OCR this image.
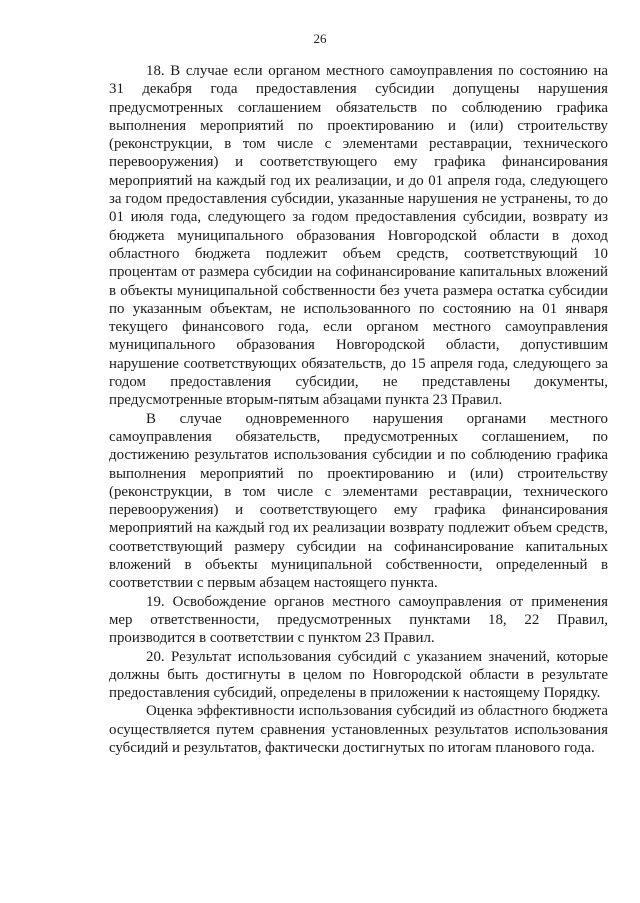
26

18. В случае если органом местного самоуправления по состоянию на 31 декабря года предоставления субсидии допущены нарушения предусмотренных соглашением обязательств по соблюдению графика выполнения мероприятий по проектированию и (или) строительству (реконструкции, в том числе с элементами реставрации, технического перевооружения) и соответствующего ему графика финансирования мероприятий на каждый год их реализации, и до 01 апреля года, следующего за годом предоставления субсидии, указанные нарушения не устранены, то до 01 июля года, следующего за годом предоставления субсидии, возврату из бюджета муниципального образования Новгородской области в доход областного бюджета подлежит объем средств, соответствующий 10 процентам от размера субсидии на софинансирование капитальных вложений в объекты муниципальной собственности без учета размера остатка субсидии по указанным объектам, не использованного по состоянию на 01 января текущего финансового года, если органом местного самоуправления муниципального образования Новгородской области, допустившим нарушение соответствующих обязательств, до 15 апреля года, следующего за годом предоставления субсидии, не представлены документы, предусмотренные вторым-пятым абзацами пункта 23 Правил.

В случае одновременного нарушения органами местного самоуправления обязательств, предусмотренных соглашением, по достижению результатов использования субсидии и по соблюдению графика выполнения мероприятий по проектированию и (или) строительству (реконструкции, в том числе с элементами реставрации, технического перевооружения) и соответствующего ему графика финансирования мероприятий на каждый год их реализации возврату подлежит объем средств, соответствующий размеру субсидии на софинансирование капитальных вложений в объекты муниципальной собственности, определенный в соответствии с первым абзацем настоящего пункта.

19. Освобождение органов местного самоуправления от применения мер ответственности, предусмотренных пунктами 18, 22 Правил, производится в соответствии с пунктом 23 Правил.

20. Результат использования субсидий с указанием значений, которые должны быть достигнуты в целом по Новгородской области в результате предоставления субсидий, определены в приложении к настоящему Порядку.

Оценка эффективности использования субсидий из областного бюджета осуществляется путем сравнения установленных результатов использования субсидий и результатов, фактически достигнутых по итогам планового года.
